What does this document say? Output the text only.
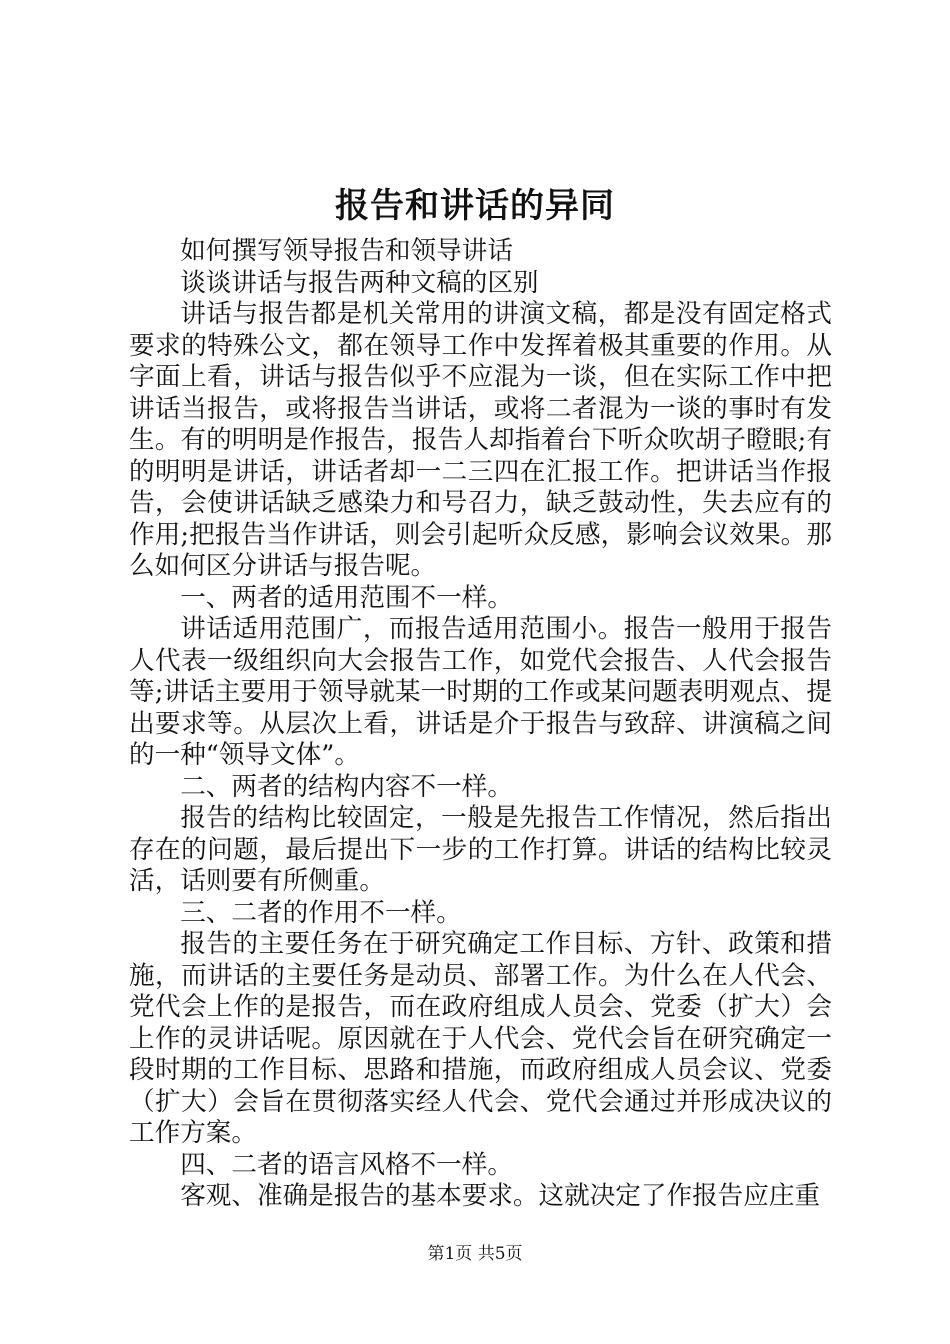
报告和讲话的异同

如何撰写领导报告和领导讲话

谈谈讲话与报告两种文稿的区别

讲话与报告都是机关常用的讲演文稿，都是没有固定格式要求的特殊公文，都在领导工作中发挥着极其重要的作用。从字面上看，讲话与报告似乎不应混为一谈，但在实际工作中把讲话当报告，或将报告当讲话，或将二者混为一谈的事时有发生。有的明明是作报告，报告人却指着台下听众吹胡子瞪眼;有的明明是讲话，讲话者却一二三四在汇报工作。把讲话当作报告，会使讲话缺乏感染力和号召力，缺乏鼓动性，失去应有的作用;把报告当作讲话，则会引起听众反感，影响会议效果。那么如何区分讲话与报告呢。

一、两者的适用范围不一样。

讲话适用范围广，而报告适用范围小。报告一般用于报告人代表一级组织向大会报告工作，如党代会报告、人代会报告等;讲话主要用于领导就某一时期的工作或某问题表明观点、提出要求等。从层次上看，讲话是介于报告与致辞、讲演稿之间的一种“领导文体”。

二、两者的结构内容不一样。

报告的结构比较固定，一般是先报告工作情况，然后指出存在的问题，最后提出下一步的工作打算。讲话的结构比较灵活，话则要有所侧重。

三、二者的作用不一样。

报告的主要任务在于研究确定工作目标、方针、政策和措施，而讲话的主要任务是动员、部署工作。为什么在人代会、党代会上作的是报告，而在政府组成人员会、党委（扩大）会上作的灵讲话呢。原因就在于人代会、党代会旨在研究确定一段时期的工作目标、思路和措施，而政府组成人员会议、党委（扩大）会旨在贯彻落实经人代会、党代会通过并形成决议的工作方案。

四、二者的语言风格不一样。

客观、准确是报告的基本要求。这就决定了作报告应庄重

第1页 共5页
